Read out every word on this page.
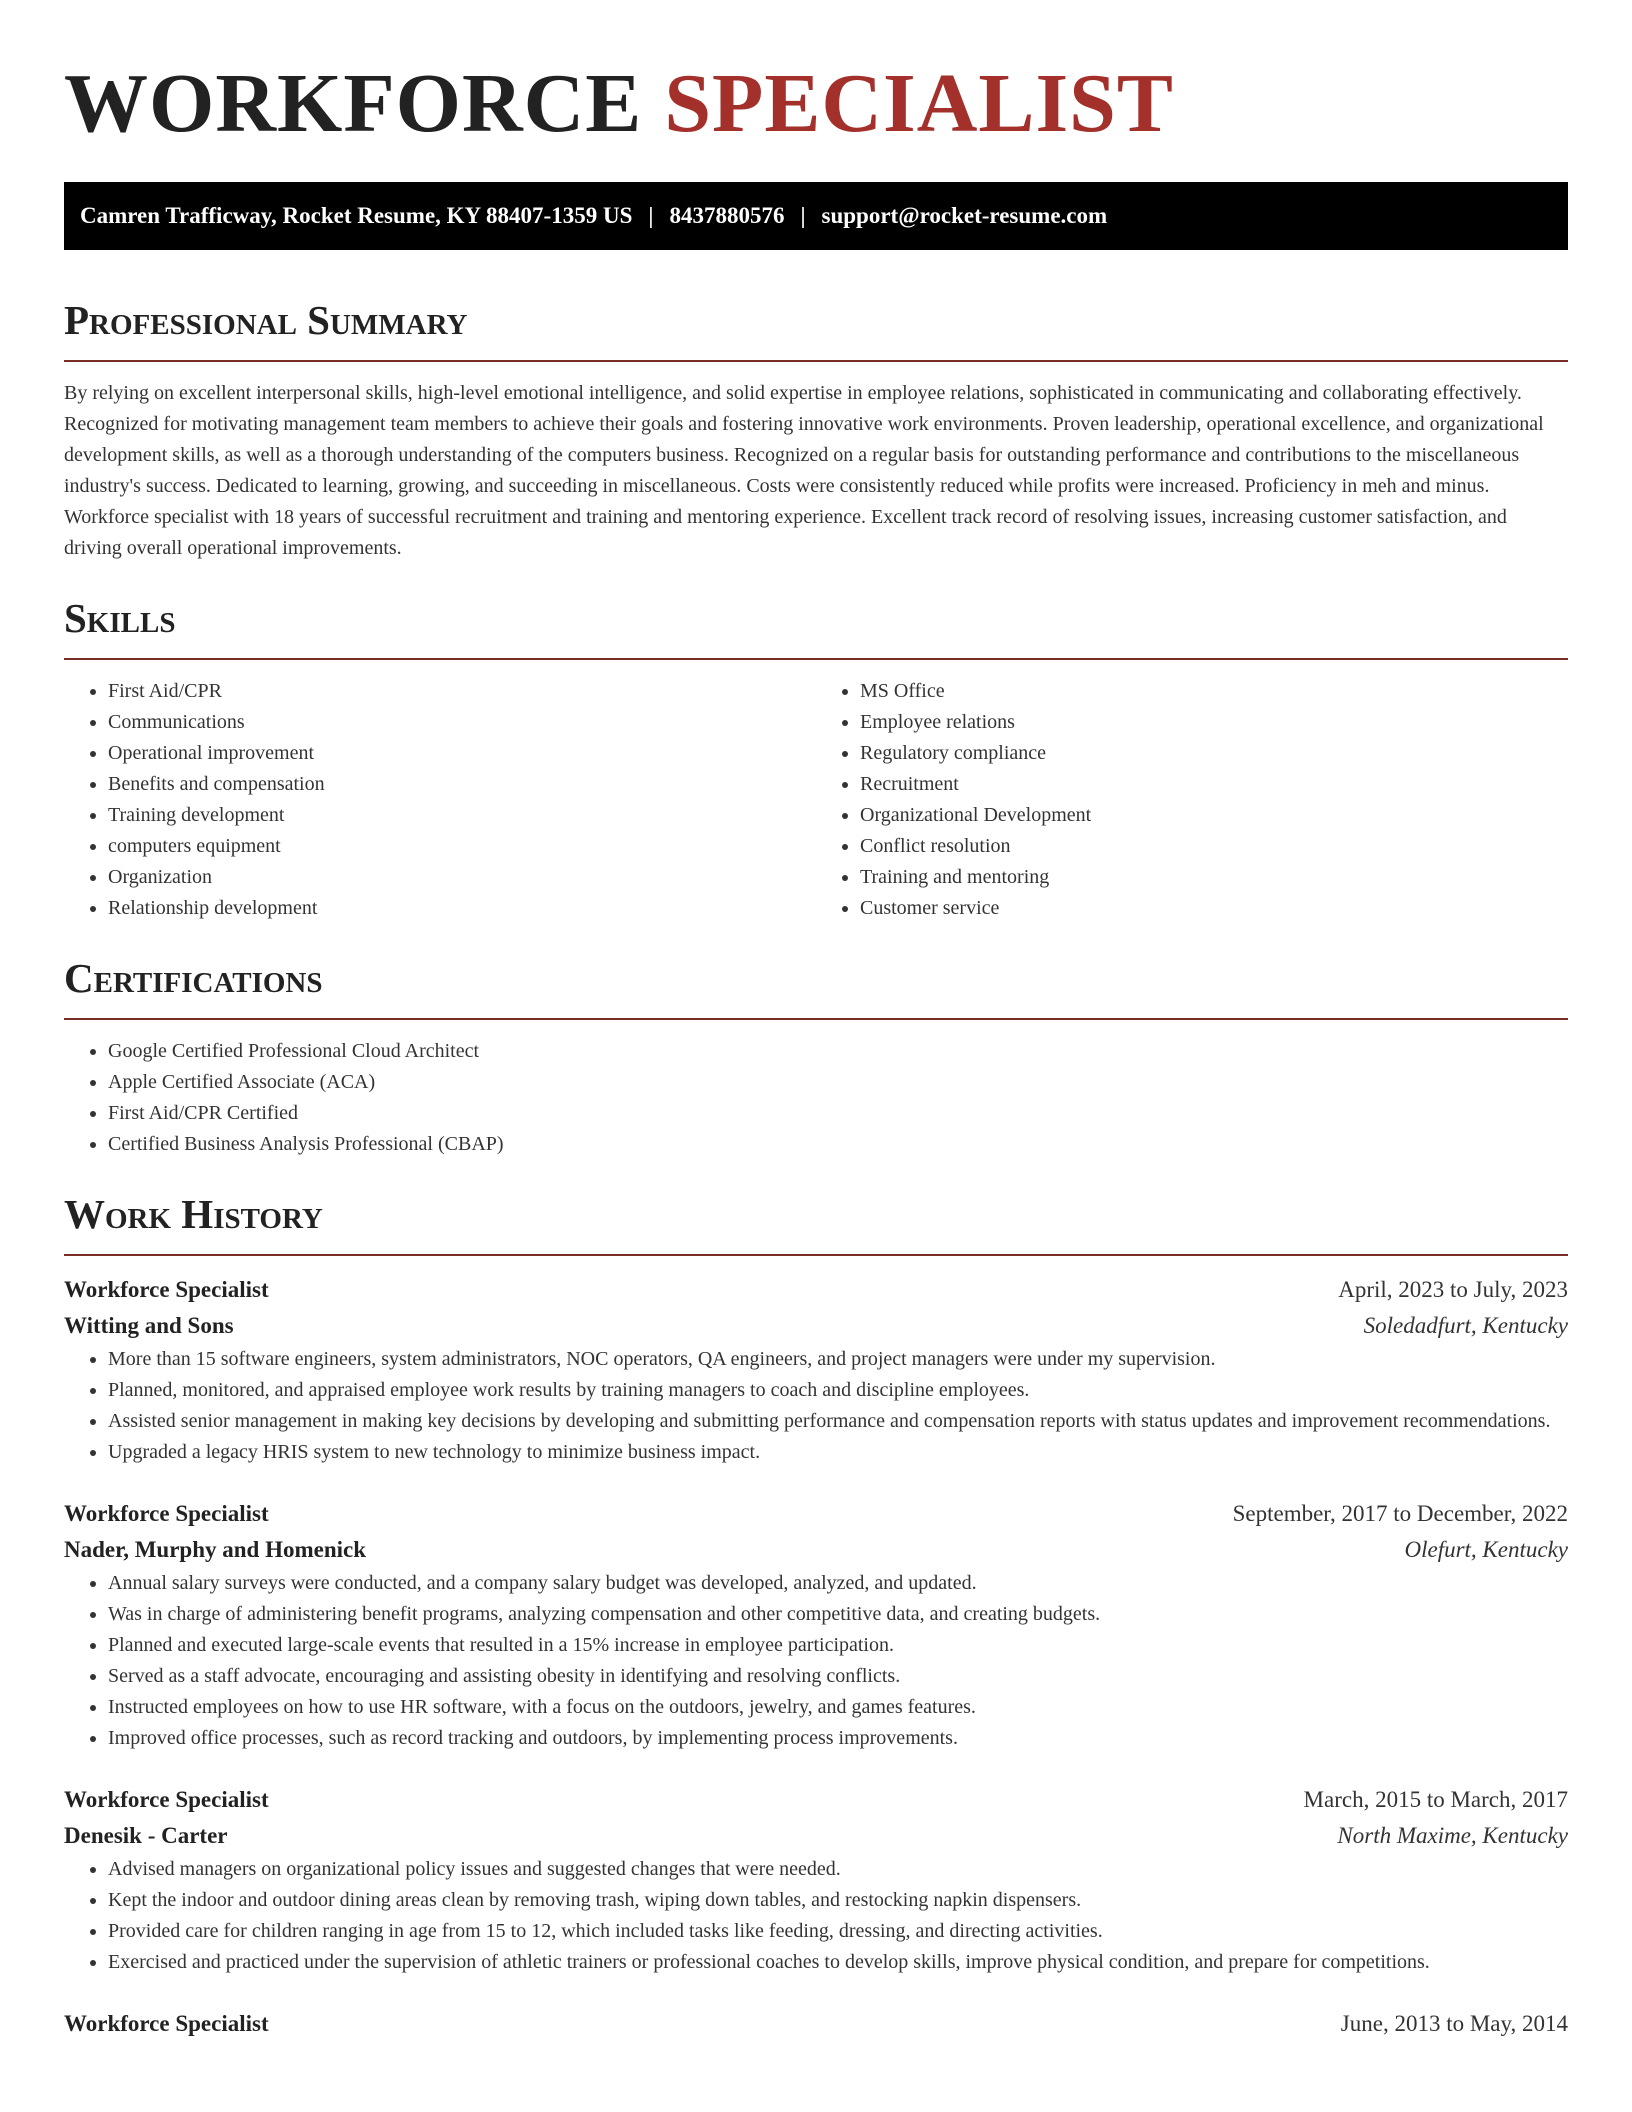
WORKFORCE SPECIALIST
Camren Trafficway, Rocket Resume, KY 88407-1359 US | 8437880576 | support@rocket-resume.com
Professional Summary

By relying on excellent interpersonal skills, high-level emotional intelligence, and solid expertise in employee relations, sophisticated in communicating and collaborating effectively. Recognized for motivating management team members to achieve their goals and fostering innovative work environments. Proven leadership, operational excellence, and organizational development skills, as well as a thorough understanding of the computers business. Recognized on a regular basis for outstanding performance and contributions to the miscellaneous industry's success. Dedicated to learning, growing, and succeeding in miscellaneous. Costs were consistently reduced while profits were increased. Proficiency in meh and minus. Workforce specialist with 18 years of successful recruitment and training and mentoring experience. Excellent track record of resolving issues, increasing customer satisfaction, and driving overall operational improvements.

Skills
• First Aid/CPR
• Communications
• Operational improvement
• Benefits and compensation
• Training development
• computers equipment
• Organization
• Relationship development
• MS Office
• Employee relations
• Regulatory compliance
• Recruitment
• Organizational Development
• Conflict resolution
• Training and mentoring
• Customer service
Certifications
• Google Certified Professional Cloud Architect
• Apple Certified Associate (ACA)
• First Aid/CPR Certified
• Certified Business Analysis Professional (CBAP)
Work History
Workforce Specialist	April, 2023 to July, 2023
Witting and Sons	Soledadfurt, Kentucky
• More than 15 software engineers, system administrators, NOC operators, QA engineers, and project managers were under my supervision.
• Planned, monitored, and appraised employee work results by training managers to coach and discipline employees.
• Assisted senior management in making key decisions by developing and submitting performance and compensation reports with status updates and improvement recommendations.
• Upgraded a legacy HRIS system to new technology to minimize business impact.
Workforce Specialist	September, 2017 to December, 2022
Nader, Murphy and Homenick	Olefurt, Kentucky
• Annual salary surveys were conducted, and a company salary budget was developed, analyzed, and updated.
• Was in charge of administering benefit programs, analyzing compensation and other competitive data, and creating budgets.
• Planned and executed large-scale events that resulted in a 15% increase in employee participation.
• Served as a staff advocate, encouraging and assisting obesity in identifying and resolving conflicts.
• Instructed employees on how to use HR software, with a focus on the outdoors, jewelry, and games features.
• Improved office processes, such as record tracking and outdoors, by implementing process improvements.
Workforce Specialist	March, 2015 to March, 2017
Denesik - Carter	North Maxime, Kentucky
• Advised managers on organizational policy issues and suggested changes that were needed.
• Kept the indoor and outdoor dining areas clean by removing trash, wiping down tables, and restocking napkin dispensers.
• Provided care for children ranging in age from 15 to 12, which included tasks like feeding, dressing, and directing activities.
• Exercised and practiced under the supervision of athletic trainers or professional coaches to develop skills, improve physical condition, and prepare for competitions.
Workforce Specialist	June, 2013 to May, 2014
